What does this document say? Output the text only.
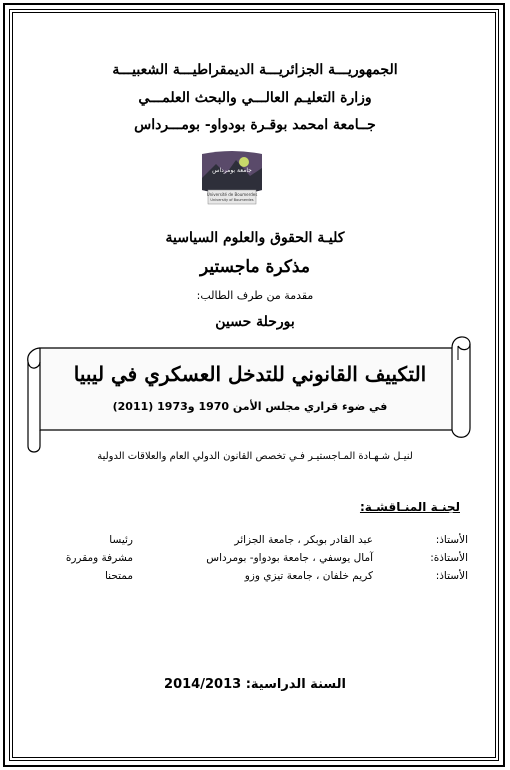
الجمهوريـــة الجزائريـــة الديمقراطيـــة الشعبيـــة
وزارة التعليـم العالـــي والبحث العلمـــي
جــامعة امحمد بوقـرة بودواو- بومـــرداس
Université de Boumerdes
University of Boumerdes
جامعة بومرداس
كليـة الحقوق والعلوم السياسية
مذكرة ماجستير
مقدمة من طرف الطالب:
بورحلة حسين
التكييف القانوني للتدخل العسكري في ليبيا
في ضوء قراري مجلس الأمن 1970 و1973 (2011)
لنيـل شـهـادة المـاجستيـر فـي تخصص القانون الدولي العام والعلاقات الدولية
لجنـة المنـاقشـة:
الأستاذ:
عبد القادر بوبكر ، جامعة الجزائر
رئيسا
الأستاذة:
آمال يوسفي ، جامعة بودواو- بومرداس
مشرفة ومقررة
الأستاذ:
كريم خلفان ، جامعة تيزي وزو
ممتحنا
السنة الدراسية: 2014/2013
